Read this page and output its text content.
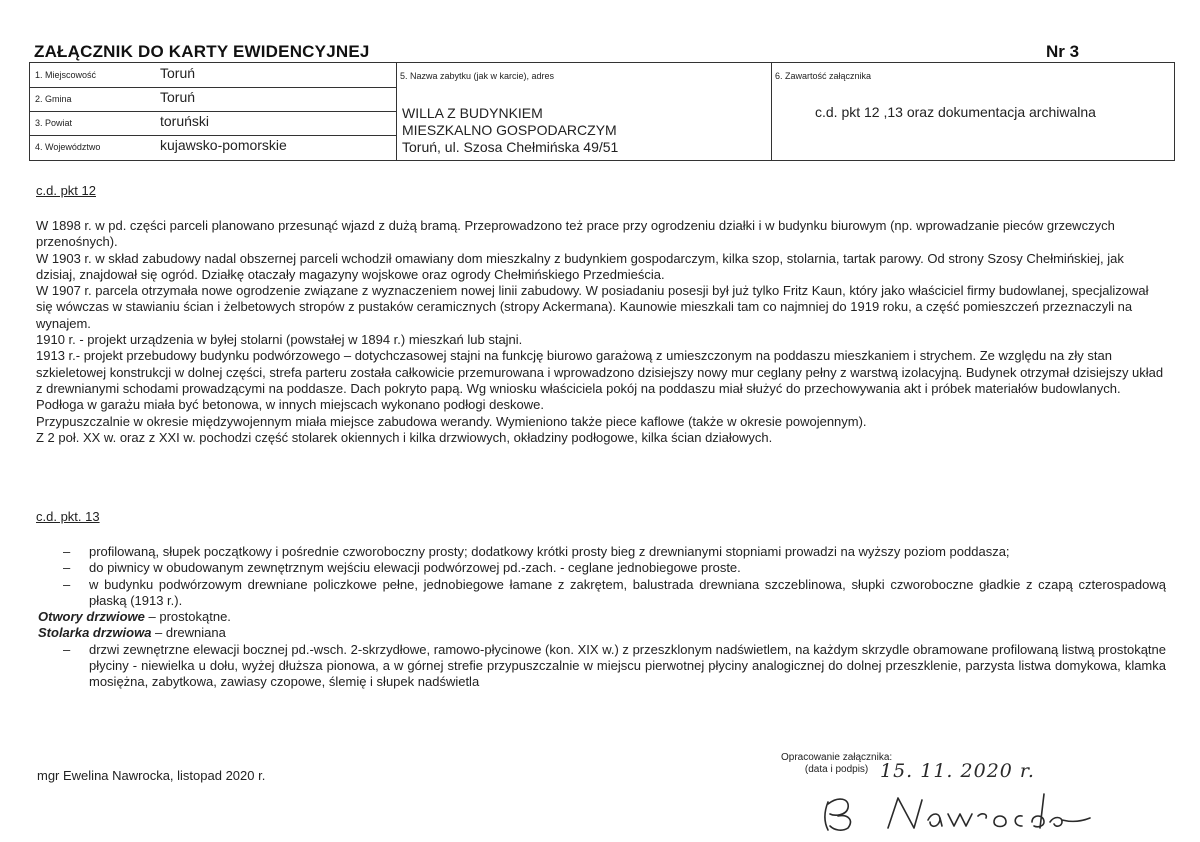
ZAŁĄCZNIK DO KARTY EWIDENCYJNEJ	Nr 3
1. Miejscowość	Toruń
2. Gmina	Toruń
3. Powiat	toruński
4. Województwo	kujawsko-pomorskie
5. Nazwa zabytku (jak w karcie), adres
WILLA Z BUDYNKIEM
MIESZKALNO GOSPODARCZYM
Toruń, ul. Szosa Chełmińska 49/51
6. Zawartość załącznika
c.d. pkt 12 ,13 oraz dokumentacja archiwalna
c.d. pkt 12

W 1898 r. w pd. części parceli planowano przesunąć wjazd z dużą bramą. Przeprowadzono też prace przy ogrodzeniu działki i w budynku biurowym (np. wprowadzanie pieców grzewczych przenośnych).

W 1903 r. w skład zabudowy nadal obszernej parceli wchodził omawiany dom mieszkalny z budynkiem gospodarczym, kilka szop, stolarnia, tartak parowy. Od strony Szosy Chełmińskiej, jak dzisiaj, znajdował się ogród. Działkę otaczały magazyny wojskowe oraz ogrody Chełmińskiego Przedmieścia.

W 1907 r. parcela otrzymała nowe ogrodzenie związane z wyznaczeniem nowej linii zabudowy. W posiadaniu posesji był już tylko Fritz Kaun, który jako właściciel firmy budowlanej, specjalizował się wówczas w stawianiu ścian i żelbetowych stropów z pustaków ceramicznych (stropy Ackermana). Kaunowie mieszkali tam co najmniej do 1919 roku, a część pomieszczeń przeznaczyli na wynajem.

1910 r. - projekt urządzenia w byłej stolarni (powstałej w 1894 r.) mieszkań lub stajni.

1913 r.- projekt przebudowy budynku podwórzowego – dotychczasowej stajni na funkcję biurowo garażową z umieszczonym na poddaszu mieszkaniem i strychem. Ze względu na zły stan szkieletowej konstrukcji w dolnej części, strefa parteru została całkowicie przemurowana i wprowadzono dzisiejszy nowy mur ceglany pełny z warstwą izolacyjną. Budynek otrzymał dzisiejszy układ z drewnianymi schodami prowadzącymi na poddasze. Dach pokryto papą. Wg wniosku właściciela pokój na poddaszu miał służyć do przechowywania akt i próbek materiałów budowlanych. Podłoga w garażu miała być betonowa, w innych miejscach wykonano podłogi deskowe.

Przypuszczalnie w okresie międzywojennym miała miejsce zabudowa werandy. Wymieniono także piece kaflowe (także w okresie powojennym).

Z 2 poł. XX w. oraz z XXI w. pochodzi część stolarek okiennych i kilka drzwiowych, okładziny podłogowe, kilka ścian działowych.

c.d. pkt. 13
– profilowaną, słupek początkowy i pośrednie czworoboczny prosty; dodatkowy krótki prosty bieg z drewnianymi stopniami prowadzi na wyższy poziom poddasza;
– do piwnicy w obudowanym zewnętrznym wejściu elewacji podwórzowej pd.-zach. - ceglane jednobiegowe proste.
– w budynku podwórzowym drewniane policzkowe pełne, jednobiegowe łamane z zakrętem, balustrada drewniana szczeblinowa, słupki czworoboczne gładkie z czapą czterospadową płaską (1913 r.).
Otwory drzwiowe – prostokątne.
Stolarka drzwiowa – drewniana
– drzwi zewnętrzne elewacji bocznej pd.-wsch. 2-skrzydłowe, ramowo-płycinowe (kon. XIX w.) z przeszklonym nadświetlem, na każdym skrzydle obramowane profilowaną listwą prostokątne płyciny - niewielka u dołu, wyżej dłuższa pionowa, a w górnej strefie przypuszczalnie w miejscu pierwotnej płyciny analogicznej do dolnej przeszklenie, parzysta listwa domykowa, klamka mosiężna, zabytkowa, zawiasy czopowe, ślemię i słupek nadświetla
mgr Ewelina Nawrocka, listopad 2020 r.
Opracowanie załącznika:
(data i podpis) 15. 11. 2020 r.
